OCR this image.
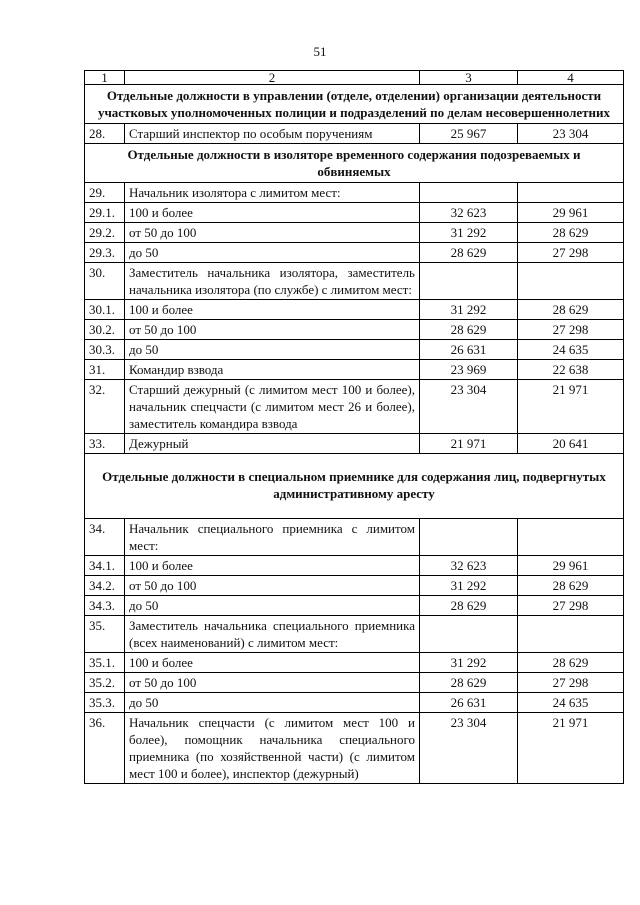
51
1	2	3	4
Отдельные должности в управлении (отделе, отделении) организации деятельности участковых уполномоченных полиции и подразделений по делам несовершеннолетних			
28.	Старший инспектор по особым поручениям	25 967	23 304
Отдельные должности в изоляторе временного содержания подозреваемых и обвиняемых			
29.	Начальник изолятора с лимитом мест:		
29.1.	100 и более	32 623	29 961
29.2.	от 50 до 100	31 292	28 629
29.3.	до 50	28 629	27 298
30.	Заместитель начальника изолятора, заместитель начальника изолятора (по службе) с лимитом мест:		
30.1.	100 и более	31 292	28 629
30.2.	от 50 до 100	28 629	27 298
30.3.	до 50	26 631	24 635
31.	Командир взвода	23 969	22 638
32.	Старший дежурный (с лимитом мест 100 и более), начальник спецчасти (с лимитом мест 26 и более), заместитель командира взвода	23 304	21 971
33.	Дежурный	21 971	20 641
Отдельные должности в специальном приемнике для содержания лиц, подвергнутых административному аресту			
34.	Начальник специального приемника с лимитом мест:		
34.1.	100 и более	32 623	29 961
34.2.	от 50 до 100	31 292	28 629
34.3.	до 50	28 629	27 298
35.	Заместитель начальника специального приемника (всех наименований) с лимитом мест:		
35.1.	100 и более	31 292	28 629
35.2.	от 50 до 100	28 629	27 298
35.3.	до 50	26 631	24 635
36.	Начальник спецчасти (с лимитом мест 100 и более), помощник начальника специального приемника (по хозяйственной части) (с лимитом мест 100 и более), инспектор (дежурный)	23 304	21 971
